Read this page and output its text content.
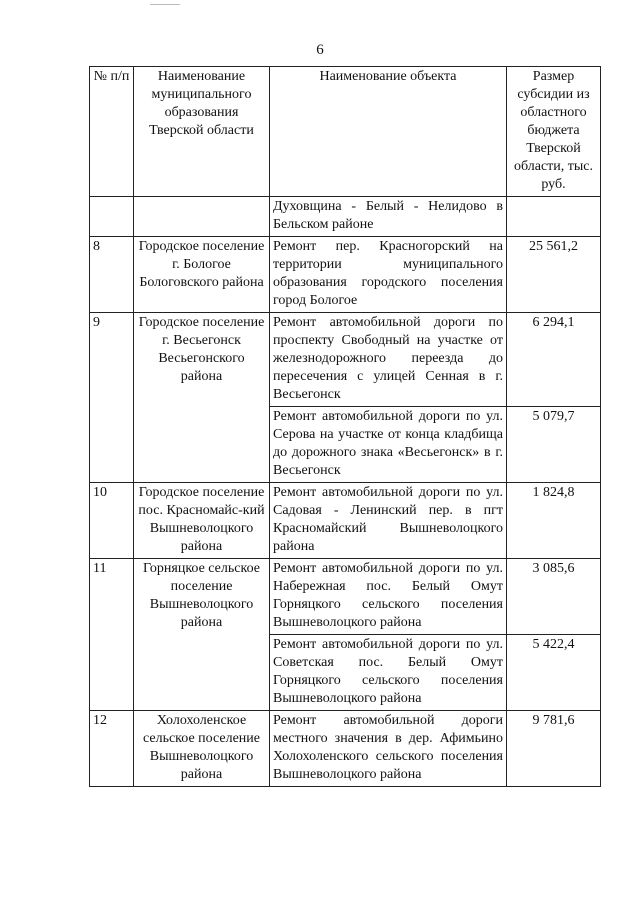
6
№ п/п	Наименование муниципального образования Тверской области	Наименование объекта	Размер субсидии из областного бюджета Тверской области, тыс. руб.
		Духовщина - Белый - Нелидово в Бельском районе	
8	Городское поселение г. Бологое Бологовского района	Ремонт пер. Красногорский на территории муниципального образования городского поселения город Бологое	25 561,2
9	Городское поселение г. Весьегонск Весьегонского района	Ремонт автомобильной дороги по проспекту Свободный на участке от железнодорожного переезда до пересечения с улицей Сенная в г. Весьегонск	6 294,1
		Ремонт автомобильной дороги по ул. Серова на участке от конца кладбища до дорожного знака «Весьегонск» в г. Весьегонск	5 079,7
10	Городское поселение пос. Красномайс-кий Вышневолоцкого района	Ремонт автомобильной дороги по ул. Садовая - Ленинский пер. в пгт Красномайский Вышневолоцкого района	1 824,8
11	Горняцкое сельское поселение Вышневолоцкого района	Ремонт автомобильной дороги по ул. Набережная пос. Белый Омут Горняцкого сельского поселения Вышневолоцкого района	3 085,6
		Ремонт автомобильной дороги по ул. Советская пос. Белый Омут Горняцкого сельского поселения Вышневолоцкого района	5 422,4
12	Холохоленское сельское поселение Вышневолоцкого района	Ремонт автомобильной дороги местного значения в дер. Афимьино Холохоленского сельского поселения Вышневолоцкого района	9 781,6
